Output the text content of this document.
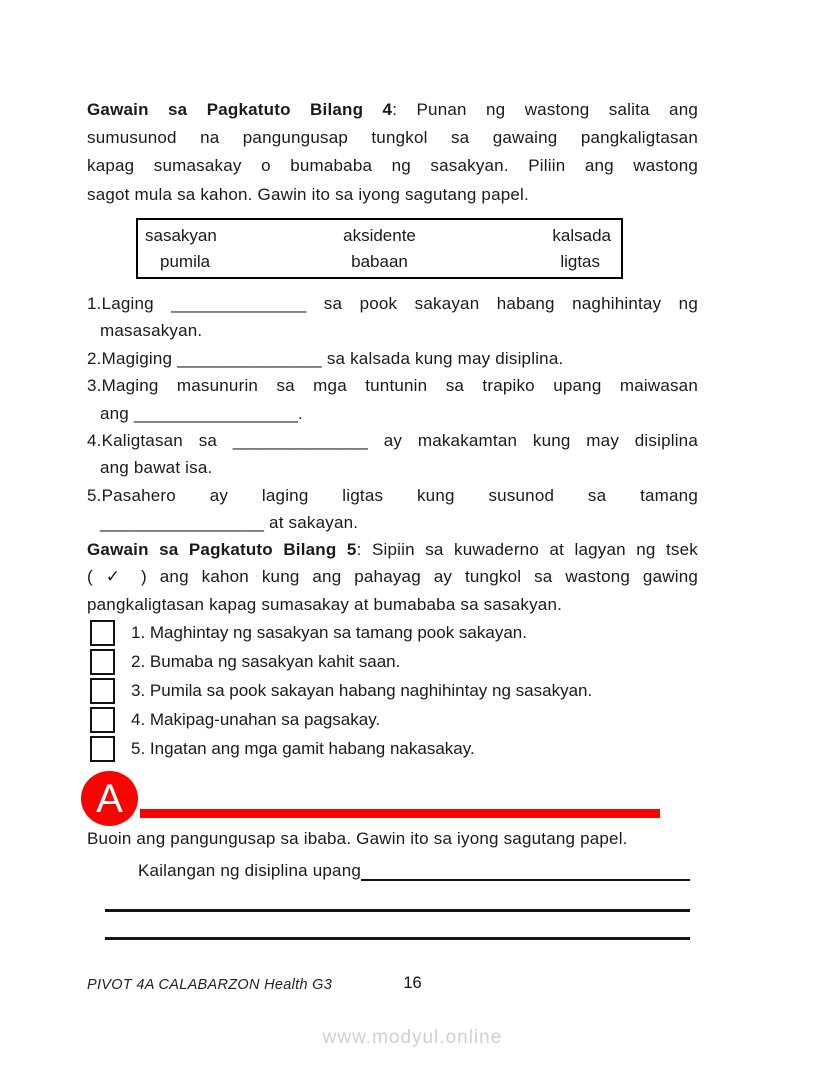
Gawain sa Pagkatuto Bilang 4: Punan ng wastong salita ang
sumusunod na pangungusap tungkol sa gawaing pangkaligtasan
kapag sumasakay o bumababa ng sasakyan. Piliin ang wastong
sagot mula sa kahon. Gawin ito sa iyong sagutang papel.
sasakyan	aksidente	kalsada
pumila	babaan	ligtas
1.Laging ______________ sa pook sakayan habang naghihintay ng
masasakyan.
2.Magiging _______________ sa kalsada kung may disiplina.
3.Maging masunurin sa mga tuntunin sa trapiko upang maiwasan
ang _________________.
4.Kaligtasan sa ______________ ay makakamtan kung may disiplina
ang bawat isa.
5.Pasahero ay laging ligtas kung susunod sa tamang
_________________ at sakayan.
Gawain sa Pagkatuto Bilang 5: Sipiin sa kuwaderno at lagyan ng tsek
( ✓ ) ang kahon kung ang pahayag ay tungkol sa wastong gawing
pangkaligtasan kapag sumasakay at bumababa sa sasakyan.
1. Maghintay ng sasakyan sa tamang pook sakayan.
2. Bumaba ng sasakyan kahit saan.
3. Pumila sa pook sakayan habang naghihintay ng sasakyan.
4. Makipag-unahan sa pagsakay.
5. Ingatan ang mga gamit habang nakasakay.
A
Buoin ang pangungusap sa ibaba. Gawin ito sa iyong sagutang papel.
Kailangan ng disiplina upang
PIVOT 4A CALABARZON Health G3	16
www.modyul.online
